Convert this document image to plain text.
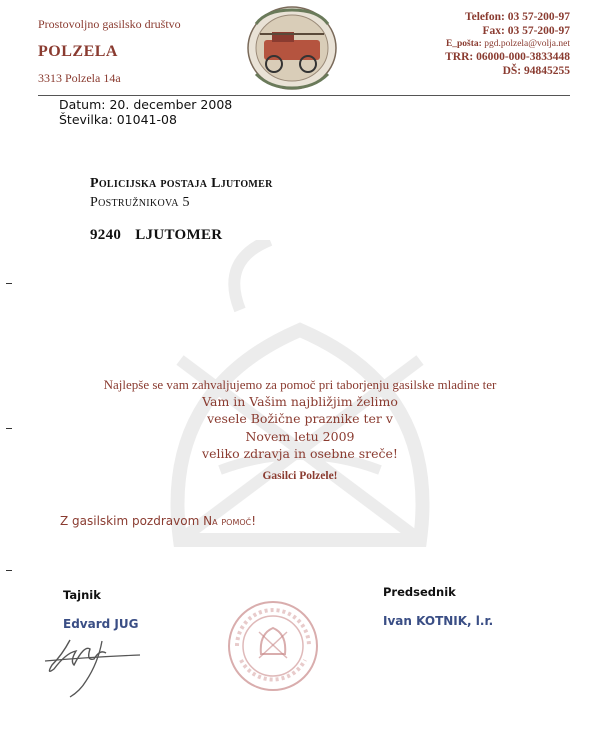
Prostovoljno gasilsko društvo
POLZELA
3313 Polzela 14a
Telefon: 03 57-200-97
Fax: 03 57-200-97
E_pošta: pgd.polzela@volja.net
TRR: 06000-000-3833448
DŠ: 94845255
Datum: 20. december 2008
Številka: 01041-08
Policijska postaja Ljutomer
Postružnikova 5
9240 LJUTOMER
Najlepše se vam zahvaljujemo za pomoč pri taborjenju gasilske mladine ter
Vam in Vašim najbližjim želimo
vesele Božične praznike ter v
Novem letu 2009
veliko zdravja in osebne sreče!
Gasilci Polzele!
Z gasilskim pozdravom Na pomoč!
Tajnik
Edvard JUG
Predsednik
Ivan KOTNIK, l.r.
